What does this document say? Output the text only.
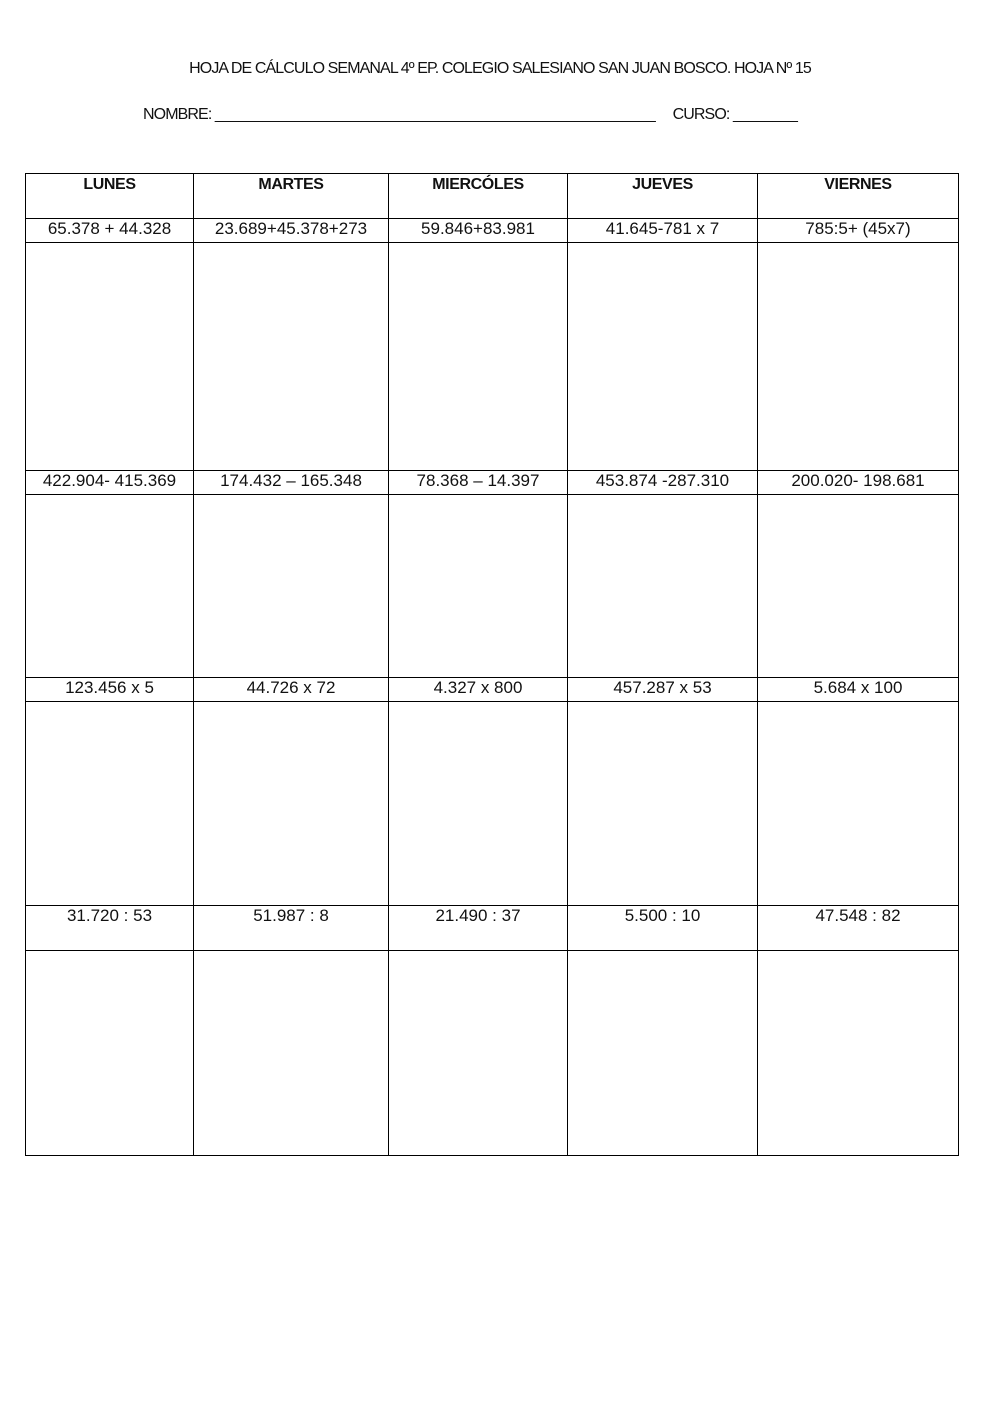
HOJA DE CÁLCULO SEMANAL 4º EP. COLEGIO SALESIANO SAN JUAN BOSCO. HOJA Nº 15
NOMBRE: _______________________________________________________ CURSO: ________
LUNES	MARTES	MIERCÓLES	JUEVES	VIERNES
65.378 + 44.328	23.689+45.378+273	59.846+83.981	41.645-781 x 7	785:5+ (45x7)

422.904- 415.369	174.432 – 165.348	78.368 – 14.397	453.874 -287.310	200.020- 198.681

123.456 x 5	44.726 x 72	4.327 x 800	457.287 x 53	5.684 x 100

31.720 : 53	51.987 : 8	21.490 : 37	5.500 : 10	47.548 : 82
